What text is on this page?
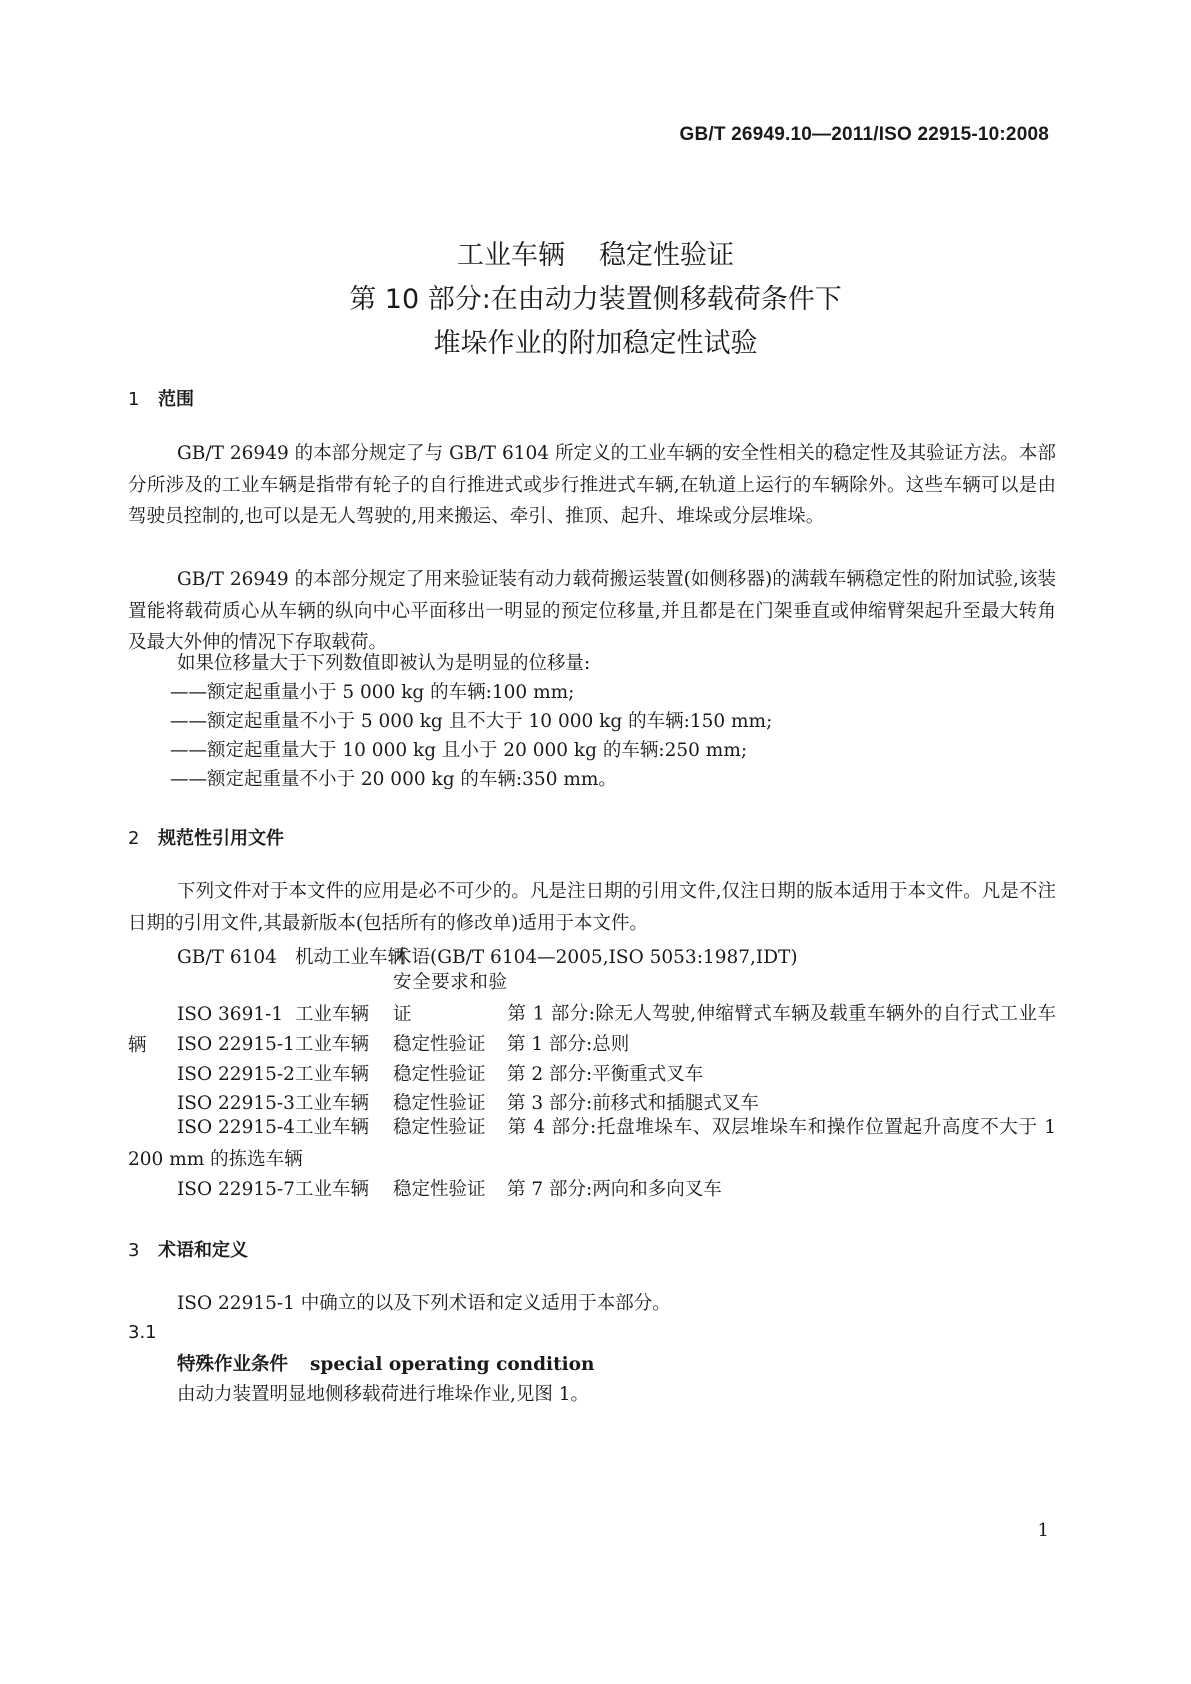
GB/T 26949.10—2011/ISO 22915-10:2008
工业车辆 稳定性验证
第 10 部分:在由动力装置侧移载荷条件下
堆垛作业的附加稳定性试验
1 范围
GB/T 26949 的本部分规定了与 GB/T 6104 所定义的工业车辆的安全性相关的稳定性及其验证方法。本部分所涉及的工业车辆是指带有轮子的自行推进式或步行推进式车辆,在轨道上运行的车辆除外。这些车辆可以是由驾驶员控制的,也可以是无人驾驶的,用来搬运、牵引、推顶、起升、堆垛或分层堆垛。
GB/T 26949 的本部分规定了用来验证装有动力载荷搬运装置(如侧移器)的满载车辆稳定性的附加试验,该装置能将载荷质心从车辆的纵向中心平面移出一明显的预定位移量,并且都是在门架垂直或伸缩臂架起升至最大转角及最大外伸的情况下存取载荷。
如果位移量大于下列数值即被认为是明显的位移量:
——额定起重量小于 5 000 kg 的车辆:100 mm;
——额定起重量不小于 5 000 kg 且不大于 10 000 kg 的车辆:150 mm;
——额定起重量大于 10 000 kg 且小于 20 000 kg 的车辆:250 mm;
——额定起重量不小于 20 000 kg 的车辆:350 mm。
2 规范性引用文件
下列文件对于本文件的应用是必不可少的。凡是注日期的引用文件,仅注日期的版本适用于本文件。凡是不注日期的引用文件,其最新版本(包括所有的修改单)适用于本文件。
GB/T 6104 机动工业车辆术语(GB/T 6104—2005,ISO 5053:1987,IDT)
ISO 3691-1 工业车辆安全要求和验证	第 1 部分:除无人驾驶,伸缩臂式车辆及载重车辆外的自行式工业车辆	ISO 22915-1工业车辆 稳定性验证 第 1 部分:总则
ISO 22915-2工业车辆 稳定性验证 第 2 部分:平衡重式叉车
ISO 22915-3工业车辆 稳定性验证 第 3 部分:前移式和插腿式叉车
ISO 22915-4工业车辆 稳定性验证 第 4 部分:托盘堆垛车、双层堆垛车和操作位置起升高度不大于 1 200 mm 的拣选车辆
ISO 22915-7工业车辆 稳定性验证 第 7 部分:两向和多向叉车
3 术语和定义
ISO 22915-1 中确立的以及下列术语和定义适用于本部分。
3.1
特殊作业条件 special operating condition
由动力装置明显地侧移载荷进行堆垛作业,见图 1。
1
